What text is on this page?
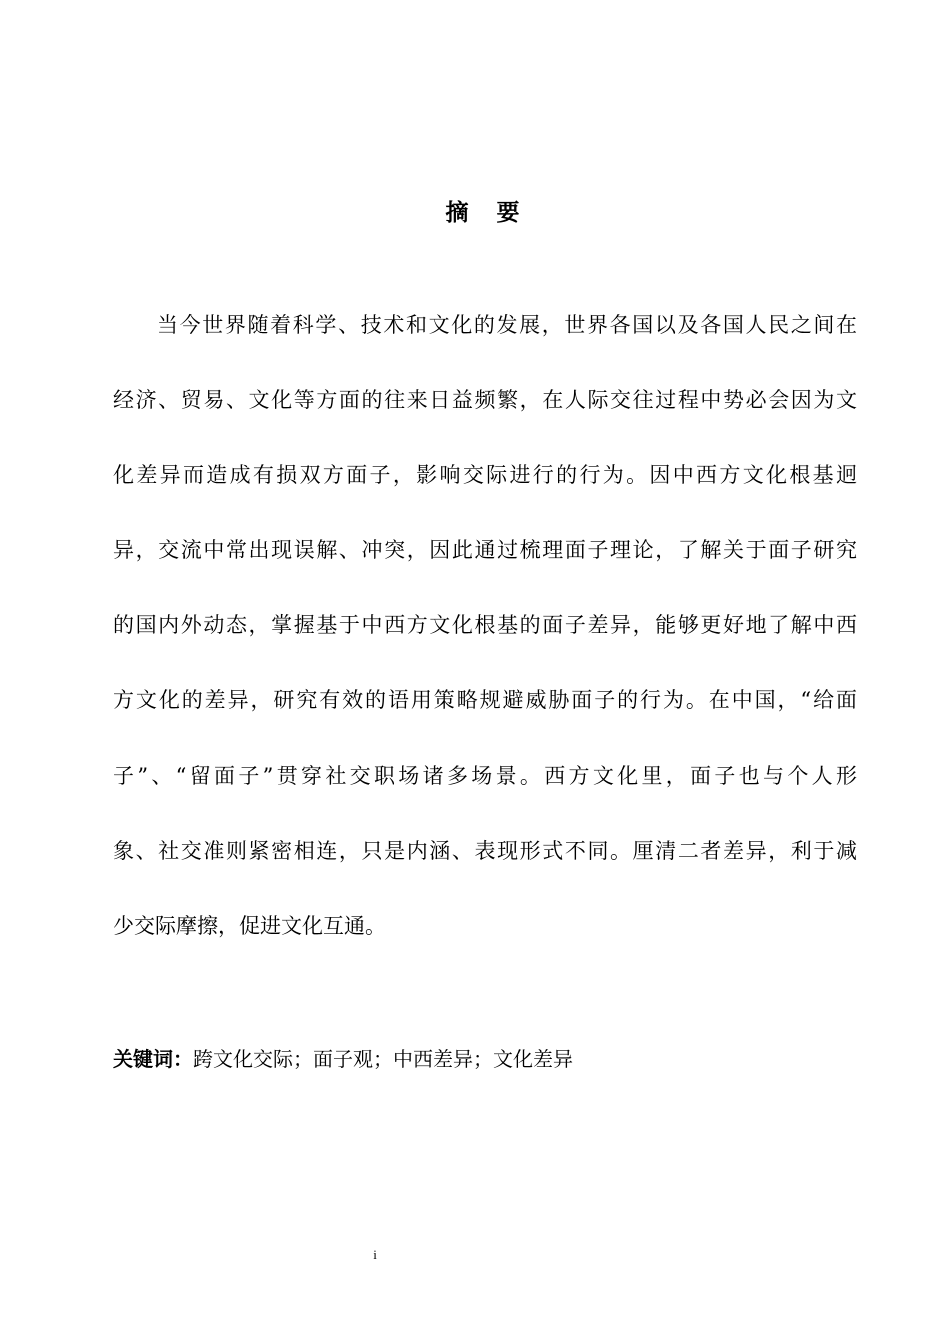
摘 要
当今世界随着科学、技术和文化的发展，世界各国以及各国人民之间在
经济、贸易、文化等方面的往来日益频繁，在人际交往过程中势必会因为文
化差异而造成有损双方面子，影响交际进行的行为。因中西方文化根基迥
异，交流中常出现误解、冲突，因此通过梳理面子理论，了解关于面子研究
的国内外动态，掌握基于中西方文化根基的面子差异，能够更好地了解中西
方文化的差异，研究有效的语用策略规避威胁面子的行为。在中国，“给面
子”、“留面子”贯穿社交职场诸多场景。西方文化里，面子也与个人形
象、社交准则紧密相连，只是内涵、表现形式不同。厘清二者差异，利于减
少交际摩擦，促进文化互通。
关键词：跨文化交际；面子观；中西差异；文化差异
i
